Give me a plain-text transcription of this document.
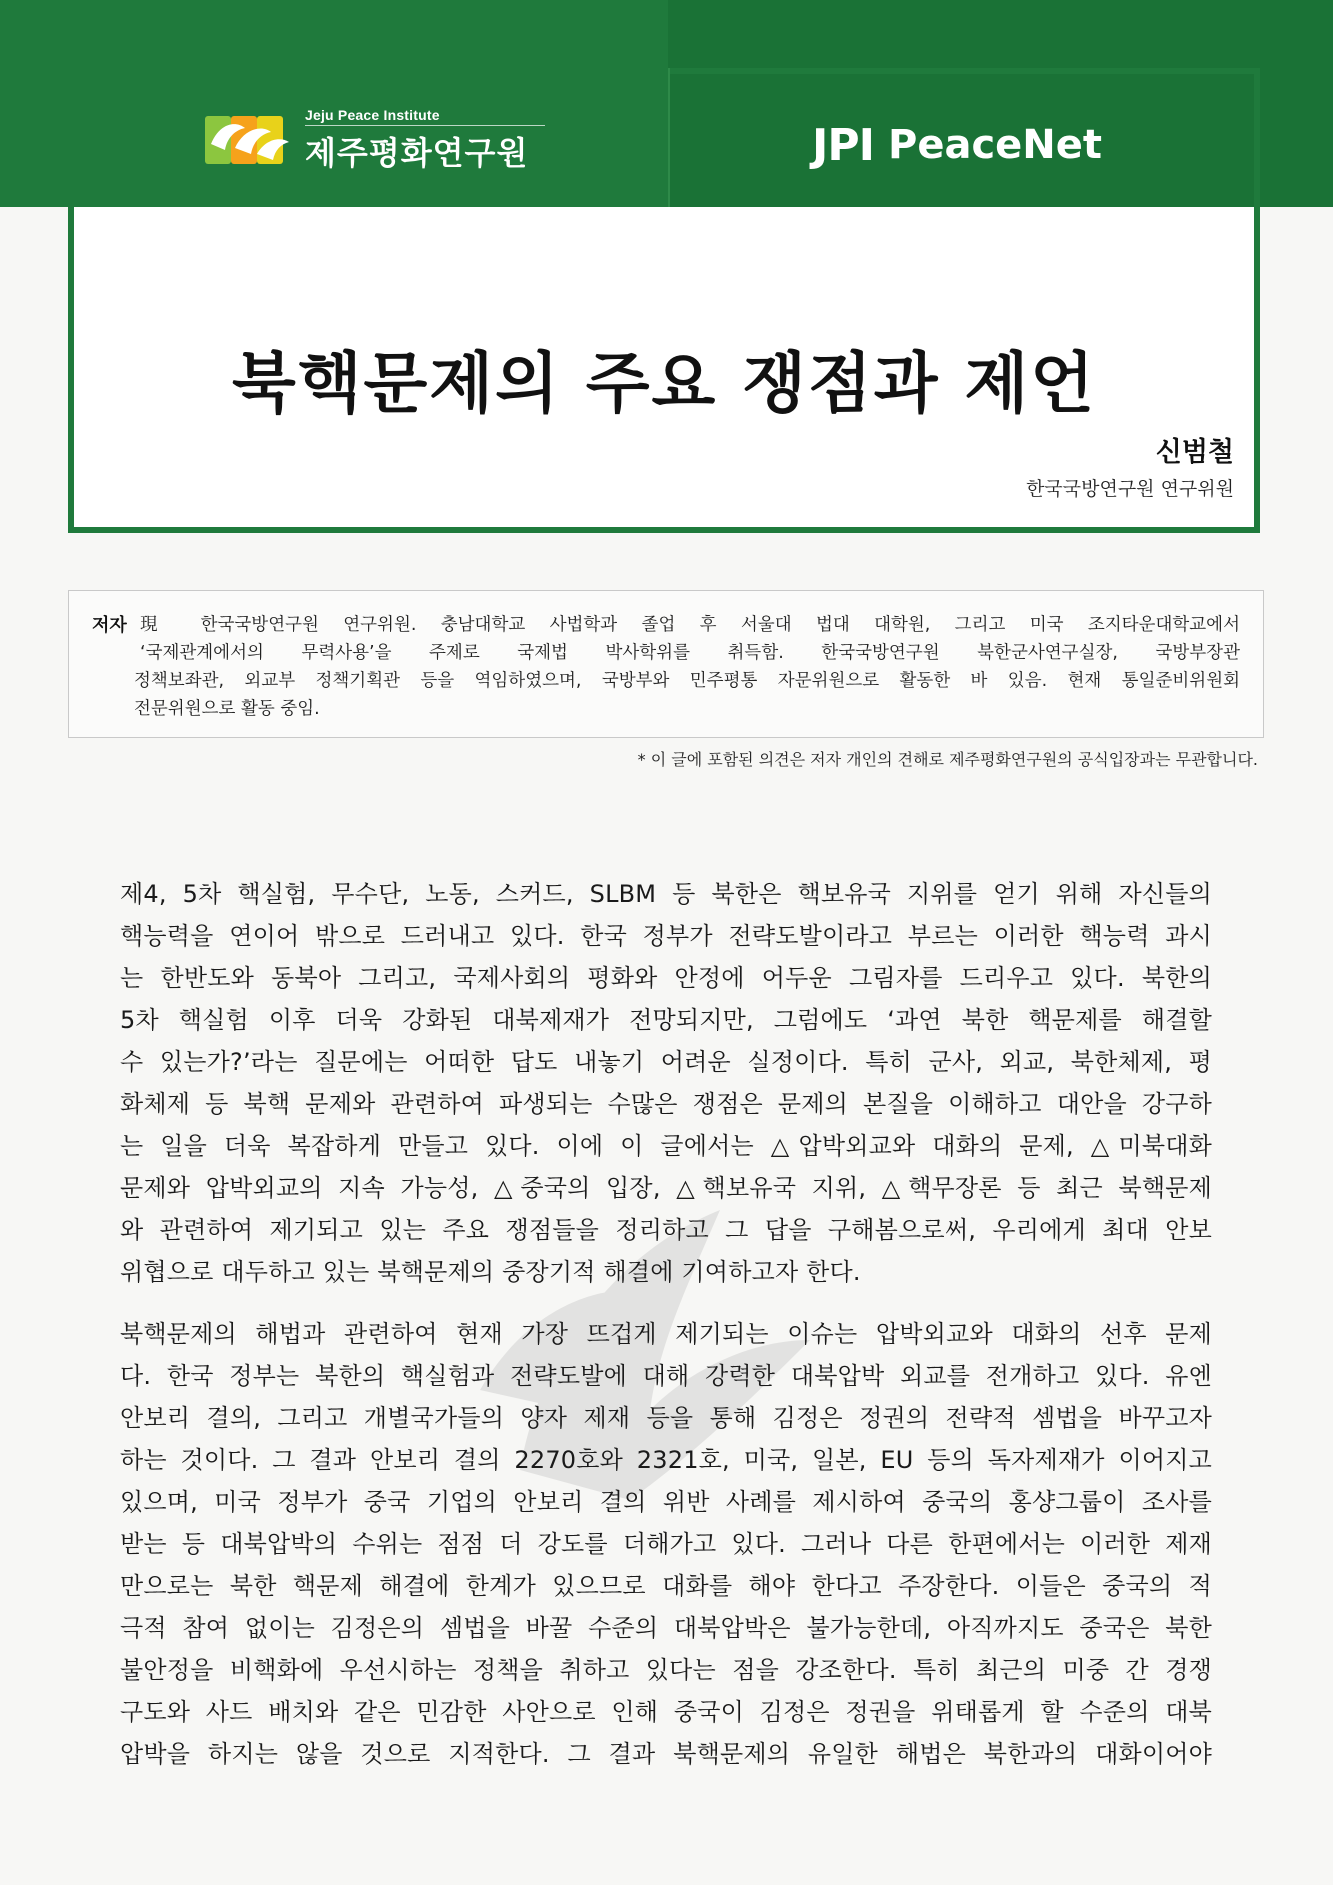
Jeju Peace Institute
제주평화연구원	JPI PeaceNet
북핵문제의 주요 쟁점과 제언
신범철
한국국방연구원 연구위원
저자 現 한국국방연구원 연구위원. 충남대학교 사법학과 졸업 후 서울대 법대 대학원, 그리고 미국 조지타운대학교에서
‘국제관계에서의 무력사용’을 주제로 국제법 박사학위를 취득함. 한국국방연구원 북한군사연구실장, 국방부장관
정책보좌관, 외교부 정책기획관 등을 역임하였으며, 국방부와 민주평통 자문위원으로 활동한 바 있음. 현재 통일준비위원회
전문위원으로 활동 중임.
* 이 글에 포함된 의견은 저자 개인의 견해로 제주평화연구원의 공식입장과는 무관합니다.
제4, 5차 핵실험, 무수단, 노동, 스커드, SLBM 등 북한은 핵보유국 지위를 얻기 위해 자신들의
핵능력을 연이어 밖으로 드러내고 있다. 한국 정부가 전략도발이라고 부르는 이러한 핵능력 과시
는 한반도와 동북아 그리고, 국제사회의 평화와 안정에 어두운 그림자를 드리우고 있다. 북한의
5차 핵실험 이후 더욱 강화된 대북제재가 전망되지만, 그럼에도 ‘과연 북한 핵문제를 해결할
수 있는가?’라는 질문에는 어떠한 답도 내놓기 어려운 실정이다. 특히 군사, 외교, 북한체제, 평
화체제 등 북핵 문제와 관련하여 파생되는 수많은 쟁점은 문제의 본질을 이해하고 대안을 강구하
는 일을 더욱 복잡하게 만들고 있다. 이에 이 글에서는 △압박외교와 대화의 문제, △미북대화
문제와 압박외교의 지속 가능성, △중국의 입장, △핵보유국 지위, △핵무장론 등 최근 북핵문제
와 관련하여 제기되고 있는 주요 쟁점들을 정리하고 그 답을 구해봄으로써, 우리에게 최대 안보
위협으로 대두하고 있는 북핵문제의 중장기적 해결에 기여하고자 한다.
북핵문제의 해법과 관련하여 현재 가장 뜨겁게 제기되는 이슈는 압박외교와 대화의 선후 문제
다. 한국 정부는 북한의 핵실험과 전략도발에 대해 강력한 대북압박 외교를 전개하고 있다. 유엔
안보리 결의, 그리고 개별국가들의 양자 제재 등을 통해 김정은 정권의 전략적 셈법을 바꾸고자
하는 것이다. 그 결과 안보리 결의 2270호와 2321호, 미국, 일본, EU 등의 독자제재가 이어지고
있으며, 미국 정부가 중국 기업의 안보리 결의 위반 사례를 제시하여 중국의 홍샹그룹이 조사를
받는 등 대북압박의 수위는 점점 더 강도를 더해가고 있다. 그러나 다른 한편에서는 이러한 제재
만으로는 북한 핵문제 해결에 한계가 있으므로 대화를 해야 한다고 주장한다. 이들은 중국의 적
극적 참여 없이는 김정은의 셈법을 바꿀 수준의 대북압박은 불가능한데, 아직까지도 중국은 북한
불안정을 비핵화에 우선시하는 정책을 취하고 있다는 점을 강조한다. 특히 최근의 미중 간 경쟁
구도와 사드 배치와 같은 민감한 사안으로 인해 중국이 김정은 정권을 위태롭게 할 수준의 대북
압박을 하지는 않을 것으로 지적한다. 그 결과 북핵문제의 유일한 해법은 북한과의 대화이어야
